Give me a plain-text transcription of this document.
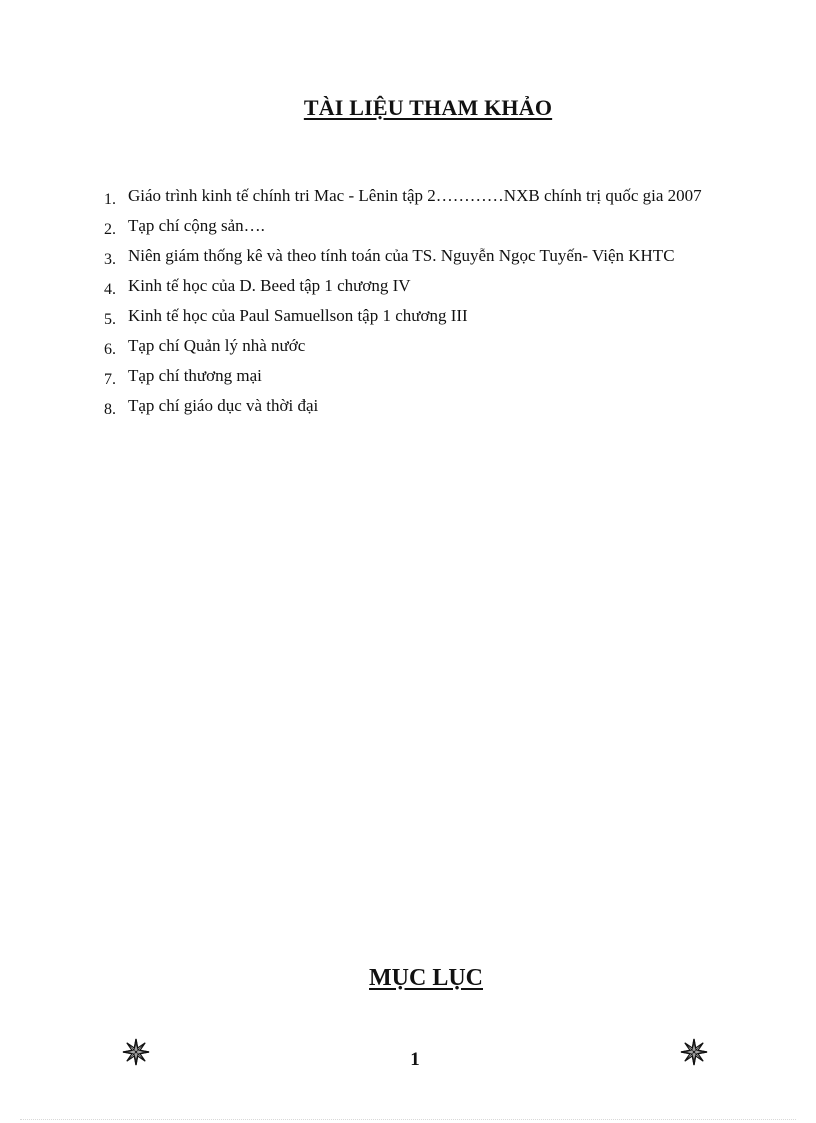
TÀI LIỆU THAM KHẢO
1. Giáo trình kinh tế chính tri Mac - Lênin tập 2…………NXB chính trị quốc gia 2007
2. Tạp chí cộng sản….
3. Niên giám thống kê và theo tính toán của TS. Nguyễn Ngọc Tuyến- Viện KHTC
4. Kinh tế học của D. Beed tập 1 chương IV
5. Kinh tế học của Paul Samuellson tập 1 chương III
6. Tạp chí Quản lý nhà nước
7. Tạp chí thương mại
8. Tạp chí giáo dục và thời đại
MỤC LỤC
1
